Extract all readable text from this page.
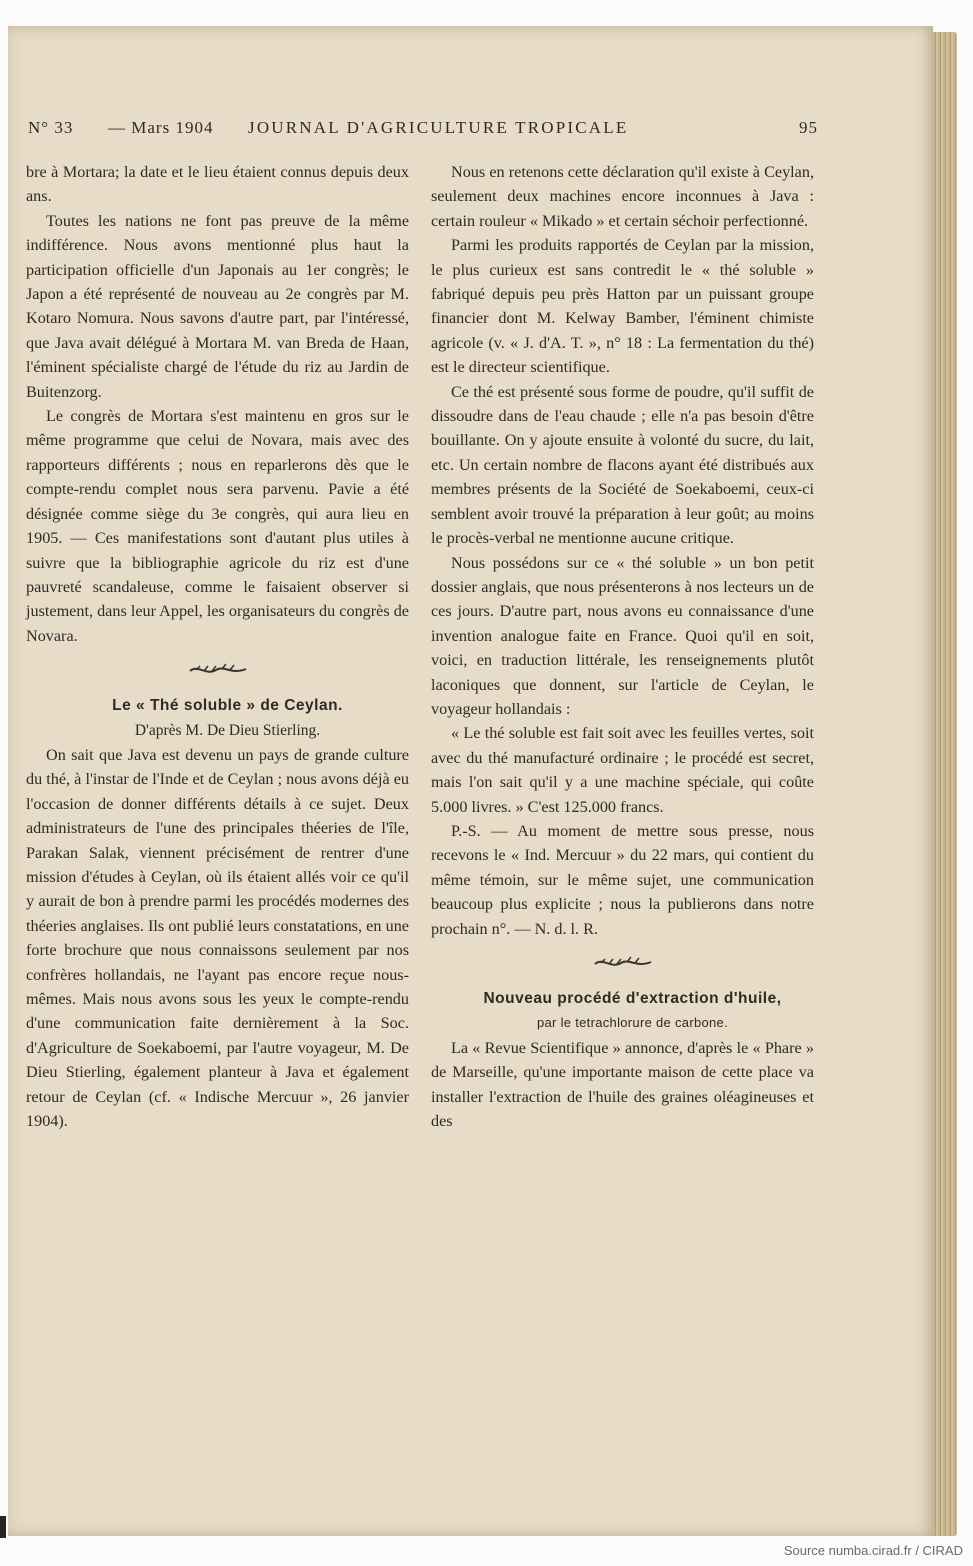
N° 33 — Mars 1904 JOURNAL D'AGRICULTURE TROPICALE	95

bre à Mortara; la date et le lieu étaient connus depuis deux ans.

Toutes les nations ne font pas preuve de la même indifférence. Nous avons mentionné plus haut la participation officielle d'un Japonais au 1er congrès; le Japon a été représenté de nouveau au 2e congrès par M. Kotaro Nomura. Nous savons d'autre part, par l'intéressé, que Java avait délégué à Mortara M. van Breda de Haan, l'éminent spécialiste chargé de l'étude du riz au Jardin de Buitenzorg.

Le congrès de Mortara s'est maintenu en gros sur le même programme que celui de Novara, mais avec des rapporteurs différents ; nous en reparlerons dès que le compte-rendu complet nous sera parvenu. Pavie a été désignée comme siège du 3e congrès, qui aura lieu en 1905. — Ces manifestations sont d'autant plus utiles à suivre que la bibliographie agricole du riz est d'une pauvreté scandaleuse, comme le faisaient observer si justement, dans leur Appel, les organisateurs du congrès de Novara.

Le « Thé soluble » de Ceylan.

D'après M. De Dieu Stierling.

On sait que Java est devenu un pays de grande culture du thé, à l'instar de l'Inde et de Ceylan ; nous avons déjà eu l'occasion de donner différents détails à ce sujet. Deux administrateurs de l'une des principales théeries de l'île, Parakan Salak, viennent précisément de rentrer d'une mission d'études à Ceylan, où ils étaient allés voir ce qu'il y aurait de bon à prendre parmi les procédés modernes des théeries anglaises. Ils ont publié leurs constatations, en une forte brochure que nous connaissons seulement par nos confrères hollandais, ne l'ayant pas encore reçue nous-mêmes. Mais nous avons sous les yeux le compte-rendu d'une communication faite dernièrement à la Soc. d'Agriculture de Soekaboemi, par l'autre voyageur, M. De Dieu Stierling, également planteur à Java et également retour de Ceylan (cf. « Indische Mercuur », 26 janvier 1904).

Nous en retenons cette déclaration qu'il existe à Ceylan, seulement deux machines encore inconnues à Java : certain rouleur « Mikado » et certain séchoir perfectionné.

Parmi les produits rapportés de Ceylan par la mission, le plus curieux est sans contredit le « thé soluble » fabriqué depuis peu près Hatton par un puissant groupe financier dont M. Kelway Bamber, l'éminent chimiste agricole (v. « J. d'A. T. », n° 18 : La fermentation du thé) est le directeur scientifique.

Ce thé est présenté sous forme de poudre, qu'il suffit de dissoudre dans de l'eau chaude ; elle n'a pas besoin d'être bouillante. On y ajoute ensuite à volonté du sucre, du lait, etc. Un certain nombre de flacons ayant été distribués aux membres présents de la Société de Soekaboemi, ceux-ci semblent avoir trouvé la préparation à leur goût; au moins le procès-verbal ne mentionne aucune critique.

Nous possédons sur ce « thé soluble » un bon petit dossier anglais, que nous présenterons à nos lecteurs un de ces jours. D'autre part, nous avons eu connaissance d'une invention analogue faite en France. Quoi qu'il en soit, voici, en traduction littérale, les renseignements plutôt laconiques que donnent, sur l'article de Ceylan, le voyageur hollandais :

« Le thé soluble est fait soit avec les feuilles vertes, soit avec du thé manufacturé ordinaire ; le procédé est secret, mais l'on sait qu'il y a une machine spéciale, qui coûte 5.000 livres. » C'est 125.000 francs.

P.-S. — Au moment de mettre sous presse, nous recevons le « Ind. Mercuur » du 22 mars, qui contient du même témoin, sur le même sujet, une communication beaucoup plus explicite ; nous la publierons dans notre prochain n°. — N. d. l. R.

Nouveau procédé d'extraction d'huile,

par le tetrachlorure de carbone.

La « Revue Scientifique » annonce, d'après le « Phare » de Marseille, qu'une importante maison de cette place va installer l'extraction de l'huile des graines oléagineuses et des

Source numba.cirad.fr / CIRAD
